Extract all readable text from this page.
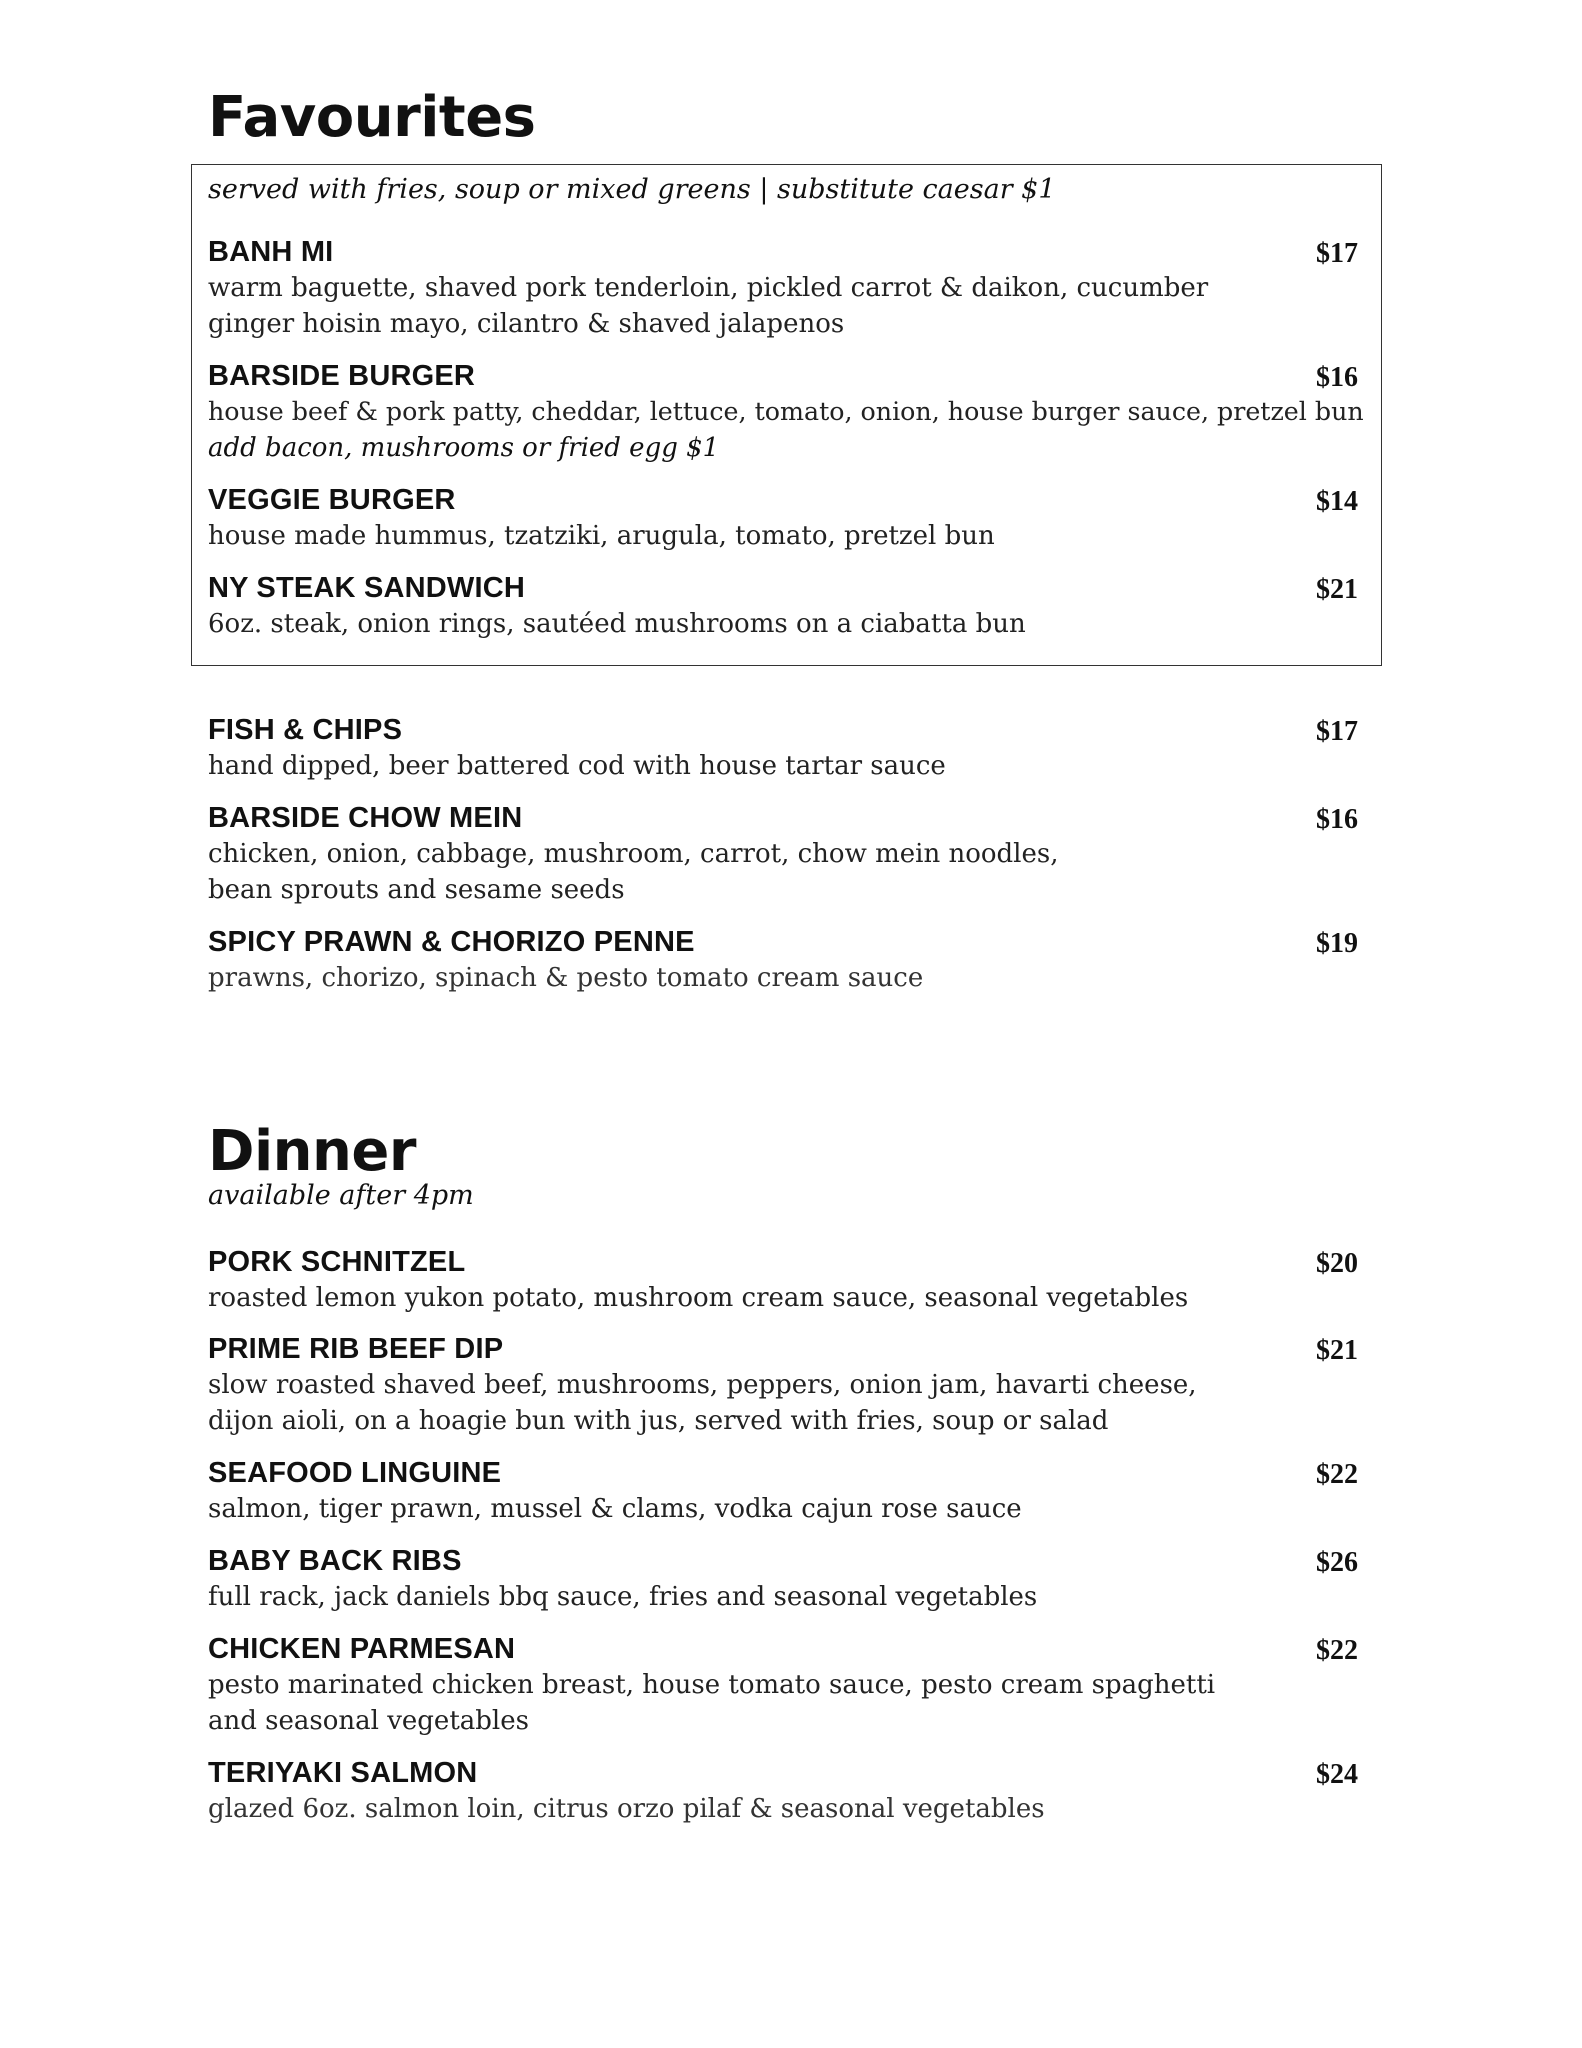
Favourites
served with fries, soup or mixed greens | substitute caesar $1
BANH MI	$17
warm baguette, shaved pork tenderloin, pickled carrot & daikon, cucumber
ginger hoisin mayo, cilantro & shaved jalapenos
BARSIDE BURGER	$16
house beef & pork patty, cheddar, lettuce, tomato, onion, house burger sauce, pretzel bun
add bacon, mushrooms or fried egg $1
VEGGIE BURGER	$14
house made hummus, tzatziki, arugula, tomato, pretzel bun
NY STEAK SANDWICH	$21
6oz. steak, onion rings, sautéed mushrooms on a ciabatta bun
FISH & CHIPS	$17
hand dipped, beer battered cod with house tartar sauce
BARSIDE CHOW MEIN	$16
chicken, onion, cabbage, mushroom, carrot, chow mein noodles,
bean sprouts and sesame seeds
SPICY PRAWN & CHORIZO PENNE	$19
prawns, chorizo, spinach & pesto tomato cream sauce
Dinner
available after 4pm
PORK SCHNITZEL	$20
roasted lemon yukon potato, mushroom cream sauce, seasonal vegetables
PRIME RIB BEEF DIP	$21
slow roasted shaved beef, mushrooms, peppers, onion jam, havarti cheese,
dijon aioli, on a hoagie bun with jus, served with fries, soup or salad
SEAFOOD LINGUINE	$22
salmon, tiger prawn, mussel & clams, vodka cajun rose sauce
BABY BACK RIBS	$26
full rack, jack daniels bbq sauce, fries and seasonal vegetables
CHICKEN PARMESAN	$22
pesto marinated chicken breast, house tomato sauce, pesto cream spaghetti
and seasonal vegetables
TERIYAKI SALMON	$24
glazed 6oz. salmon loin, citrus orzo pilaf & seasonal vegetables
